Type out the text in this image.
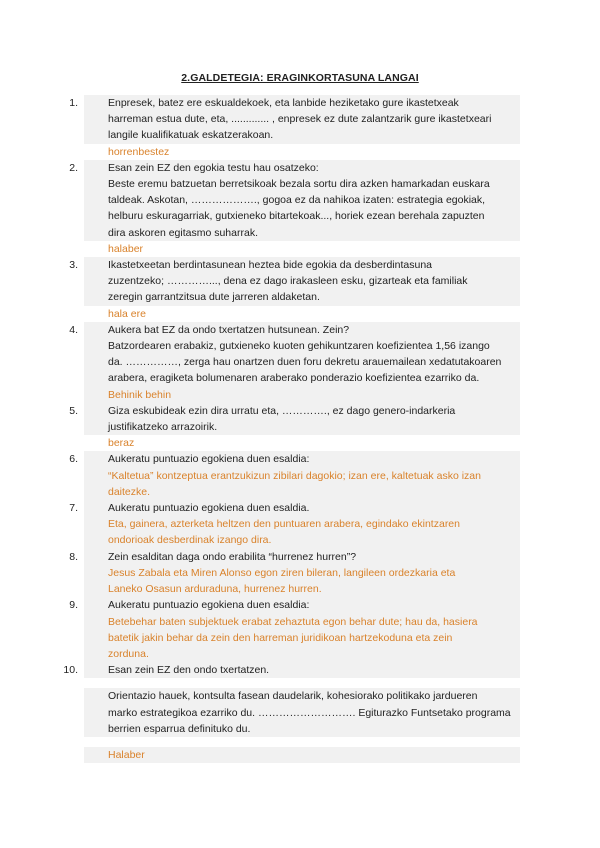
2.GALDETEGIA: ERAGINKORTASUNA LANGAI
1.	Enpresek, batez ere eskualdekoek, eta lanbide heziketako gure ikastetxeak
harreman estua dute, eta, ............. , enpresek ez dute zalantzarik gure ikastetxeari
langile kualifikatuak eskatzerakoan.
horrenbestez
2.	Esan zein EZ den egokia testu hau osatzeko:
Beste eremu batzuetan berretsikoak bezala sortu dira azken hamarkadan euskara
taldeak. Askotan, ………………., gogoa ez da nahikoa izaten: estrategia egokiak,
helburu eskuragarriak, gutxieneko bitartekoak..., horiek ezean berehala zapuzten
dira askoren egitasmo suharrak.
halaber
3.	Ikastetxeetan berdintasunean heztea bide egokia da desberdintasuna
zuzentzeko; …………..., dena ez dago irakasleen esku, gizarteak eta familiak
zeregin garrantzitsua dute jarreren aldaketan.
hala ere
4.	Aukera bat EZ da ondo txertatzen hutsunean. Zein?
Batzordearen erabakiz, gutxieneko kuoten gehikuntzaren koefizientea 1,56 izango
da. ……………, zerga hau onartzen duen foru dekretu arauemailean xedatutakoaren
arabera, eragiketa bolumenaren araberako ponderazio koefizientea ezarriko da.
Behinik behin
5.	Giza eskubideak ezin dira urratu eta, …………., ez dago genero-indarkeria
justifikatzeko arrazoirik.
beraz
6.	Aukeratu puntuazio egokiena duen esaldia:
“Kaltetua” kontzeptua erantzukizun zibilari dagokio; izan ere, kaltetuak asko izan
daitezke.
7.	Aukeratu puntuazio egokiena duen esaldia.
Eta, gainera, azterketa heltzen den puntuaren arabera, egindako ekintzaren
ondorioak desberdinak izango dira.
8.	Zein esalditan daga ondo erabilita “hurrenez hurren”?
Jesus Zabala eta Miren Alonso egon ziren bileran, langileen ordezkaria eta
Laneko Osasun arduraduna, hurrenez hurren.
9.	Aukeratu puntuazio egokiena duen esaldia:
Betebehar baten subjektuek erabat zehaztuta egon behar dute; hau da, hasiera
batetik jakin behar da zein den harreman juridikoan hartzekoduna eta zein
zorduna.
10.	Esan zein EZ den ondo txertatzen.
Orientazio hauek, kontsulta fasean daudelarik, kohesiorako politikako jardueren
marko estrategikoa ezarriko du. ………………………. Egiturazko Funtsetako programa
berrien esparrua definituko du.
Halaber
